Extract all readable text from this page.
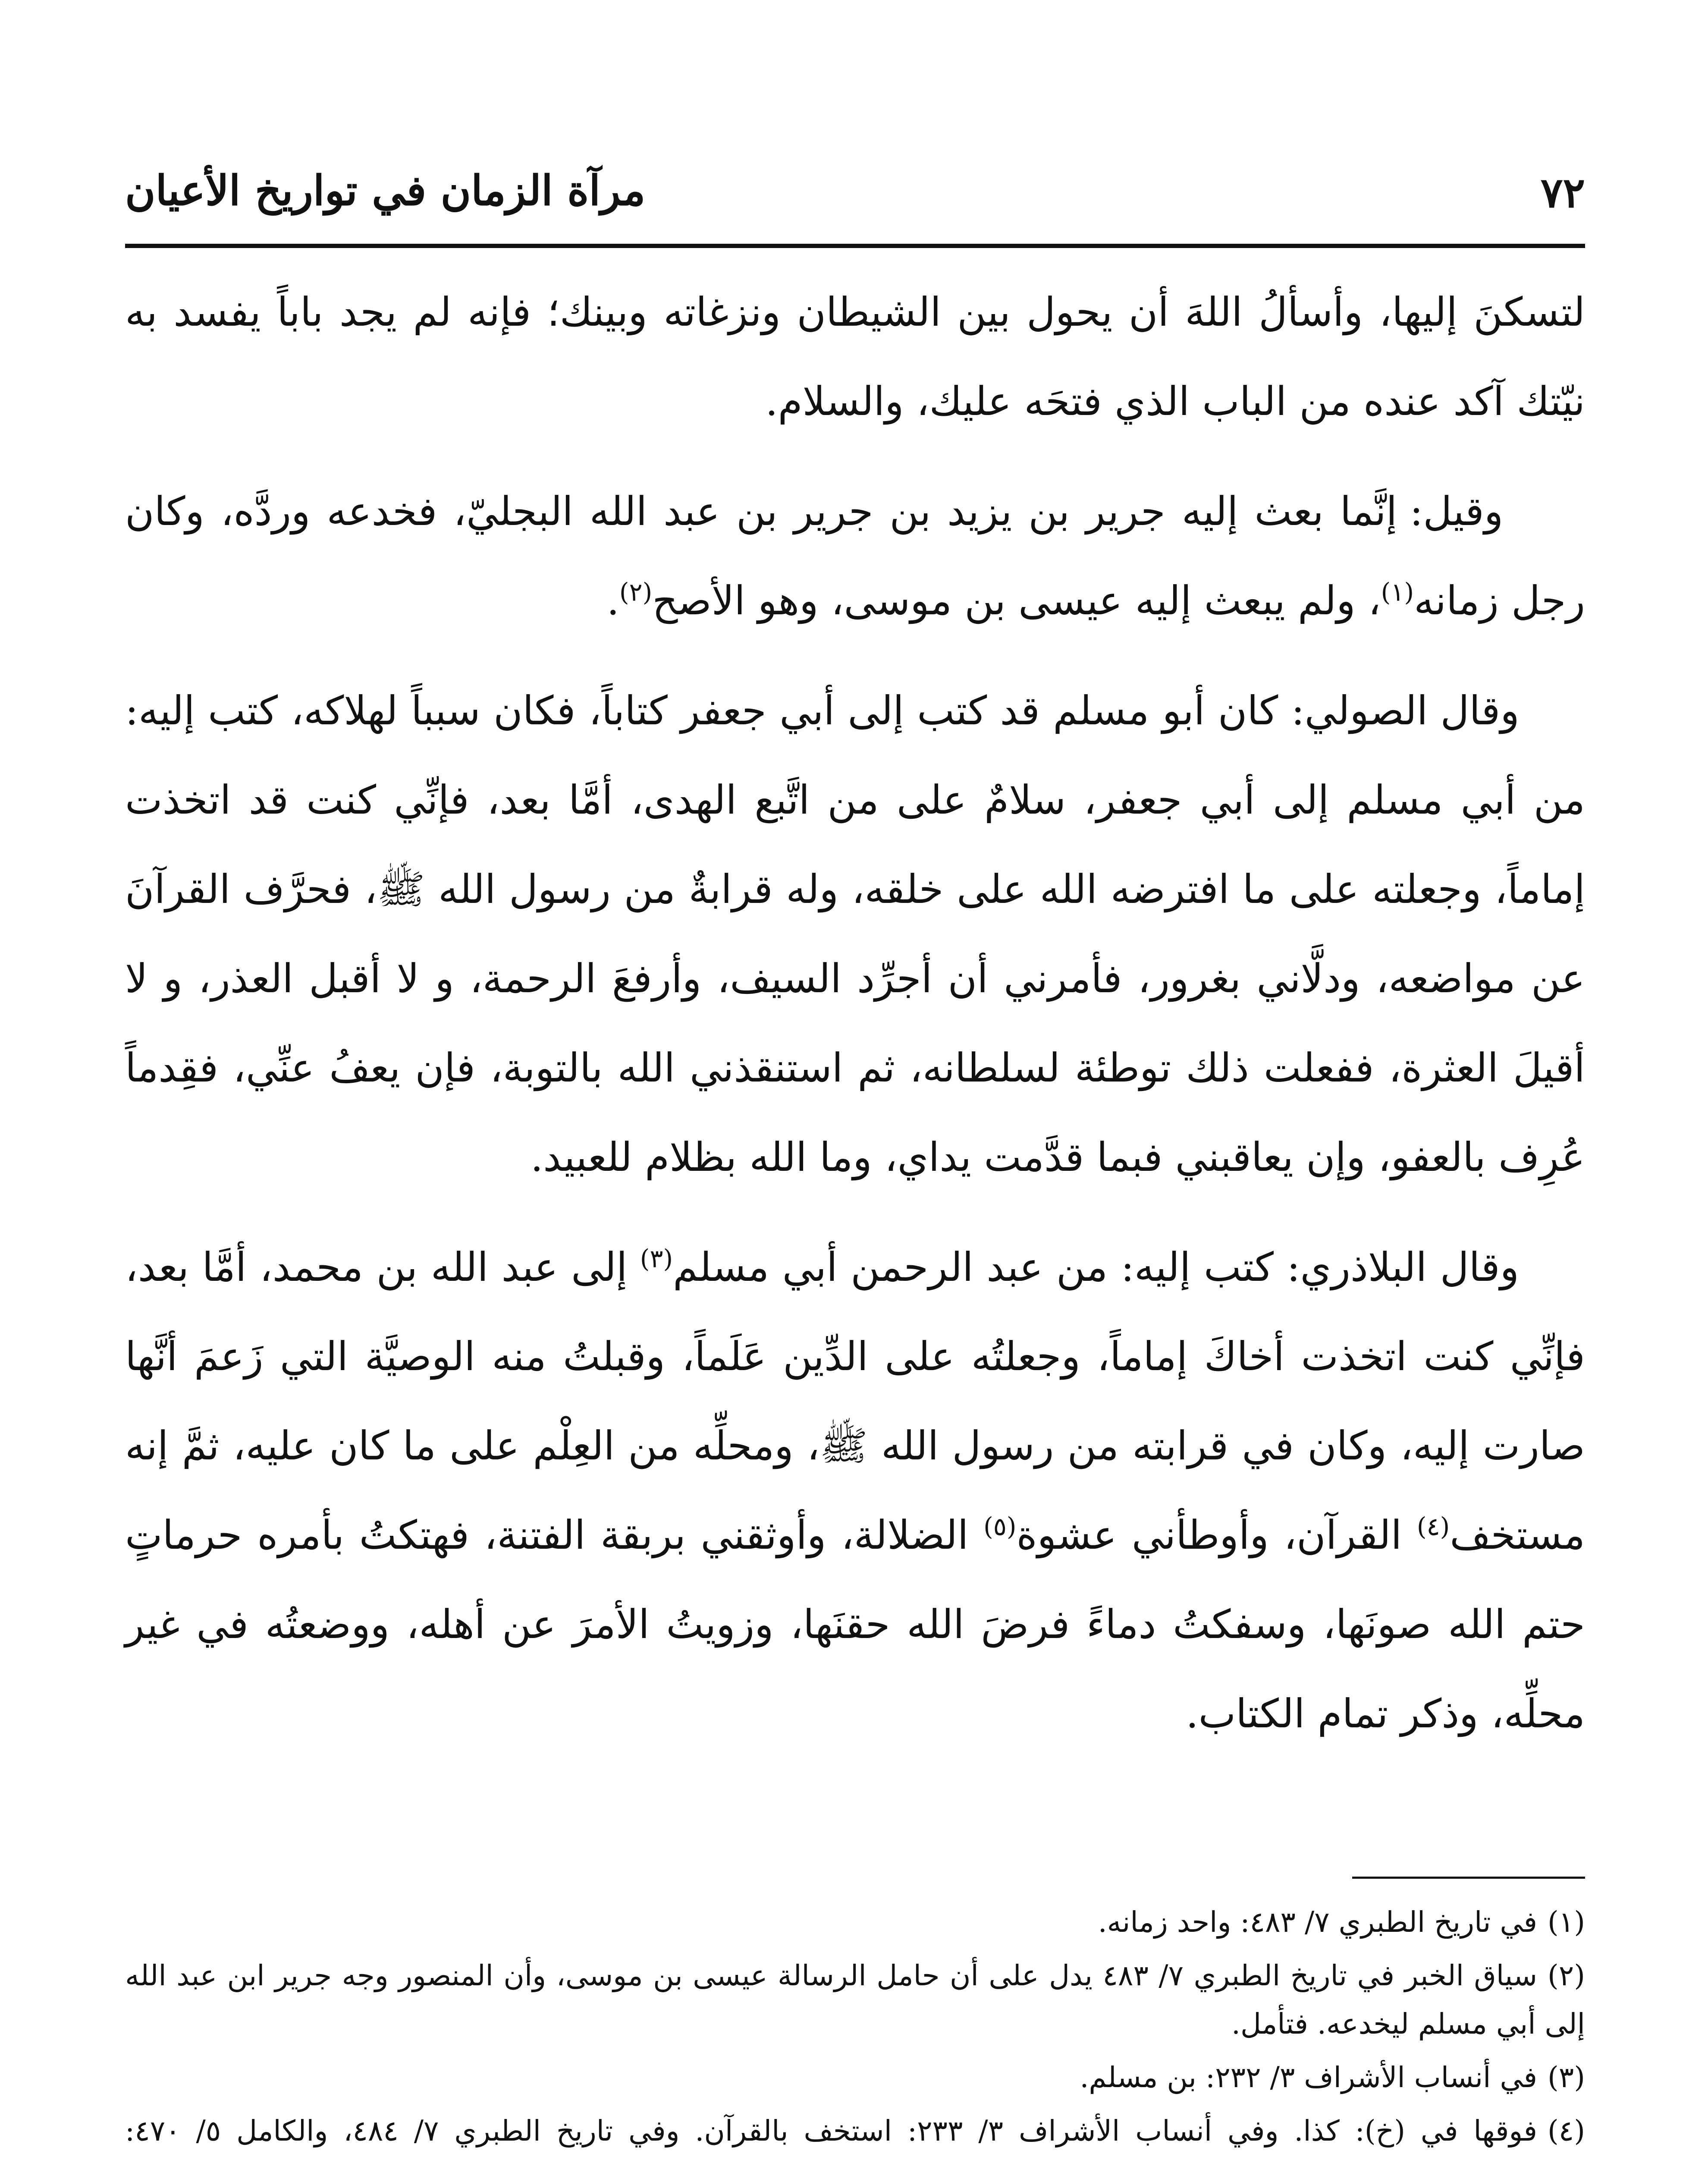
٧٢
مرآة الزمان في تواريخ الأعيان

لتسكنَ إليها، وأسألُ اللهَ أن يحول بين الشيطان ونزغاته وبينك؛ فإنه لم يجد باباً يفسد به نيّتك آكد عنده من الباب الذي فتحَه عليك، والسلام.

وقيل: إنَّما بعث إليه جرير بن يزيد بن جرير بن عبد الله البجليّ، فخدعه وردَّه، وكان رجل زمانه$^{(١)}$، ولم يبعث إليه عيسى بن موسى، وهو الأصح$^{(٢)}$.

وقال الصولي: كان أبو مسلم قد كتب إلى أبي جعفر كتاباً، فكان سبباً لهلاكه، كتب إليه: من أبي مسلم إلى أبي جعفر، سلامٌ على من اتَّبع الهدى، أمَّا بعد، فإنِّي كنت قد اتخذت إماماً، وجعلته على ما افترضه الله على خلقه، وله قرابةٌ من رسول الله ﷺ، فحرَّف القرآنَ عن مواضعه، ودلَّاني بغرور، فأمرني أن أجرِّد السيف، وأرفعَ الرحمة، و لا أقبل العذر، و لا أقيلَ العثرة، ففعلت ذلك توطئة لسلطانه، ثم استنقذني الله بالتوبة، فإن يعفُ عنِّي، فقِدماً عُرِف بالعفو، وإن يعاقبني فبما قدَّمت يداي، وما الله بظلام للعبيد.

وقال البلاذري: كتب إليه: من عبد الرحمن أبي مسلم$^{(٣)}$ إلى عبد الله بن محمد، أمَّا بعد، فإنِّي كنت اتخذت أخاكَ إماماً، وجعلتُه على الدِّين عَلَماً، وقبلتُ منه الوصيَّة التي زَعمَ أنَّها صارت إليه، وكان في قرابته من رسول الله ﷺ، ومحلِّه من العِلْم على ما كان عليه، ثمَّ إنه مستخف$^{(٤)}$ القرآن، وأوطأني عشوة$^{(٥)}$ الضلالة، وأوثقني بربقة الفتنة، فهتكتُ بأمره حرماتٍ حتم الله صونَها، وسفكتُ دماءً فرضَ الله حقنَها، وزويتُ الأمرَ عن أهله، ووضعتُه في غير محلِّه، وذكر تمام الكتاب.

(١)في تاريخ الطبري ٧/ ٤٨٣: واحد زمانه.
(٢)سياق الخبر في تاريخ الطبري ٧/ ٤٨٣ يدل على أن حامل الرسالة عيسى بن موسى، وأن المنصور وجه جرير ابن عبد الله إلى أبي مسلم ليخدعه. فتأمل.
(٣)في أنساب الأشراف ٣/ ٢٣٢: بن مسلم.
(٤)فوقها في (خ): كذا. وفي أنساب الأشراف ٣/ ٢٣٣: استخف بالقرآن. وفي تاريخ الطبري ٧/ ٤٨٤، والكامل ٥/ ٤٧٠:
